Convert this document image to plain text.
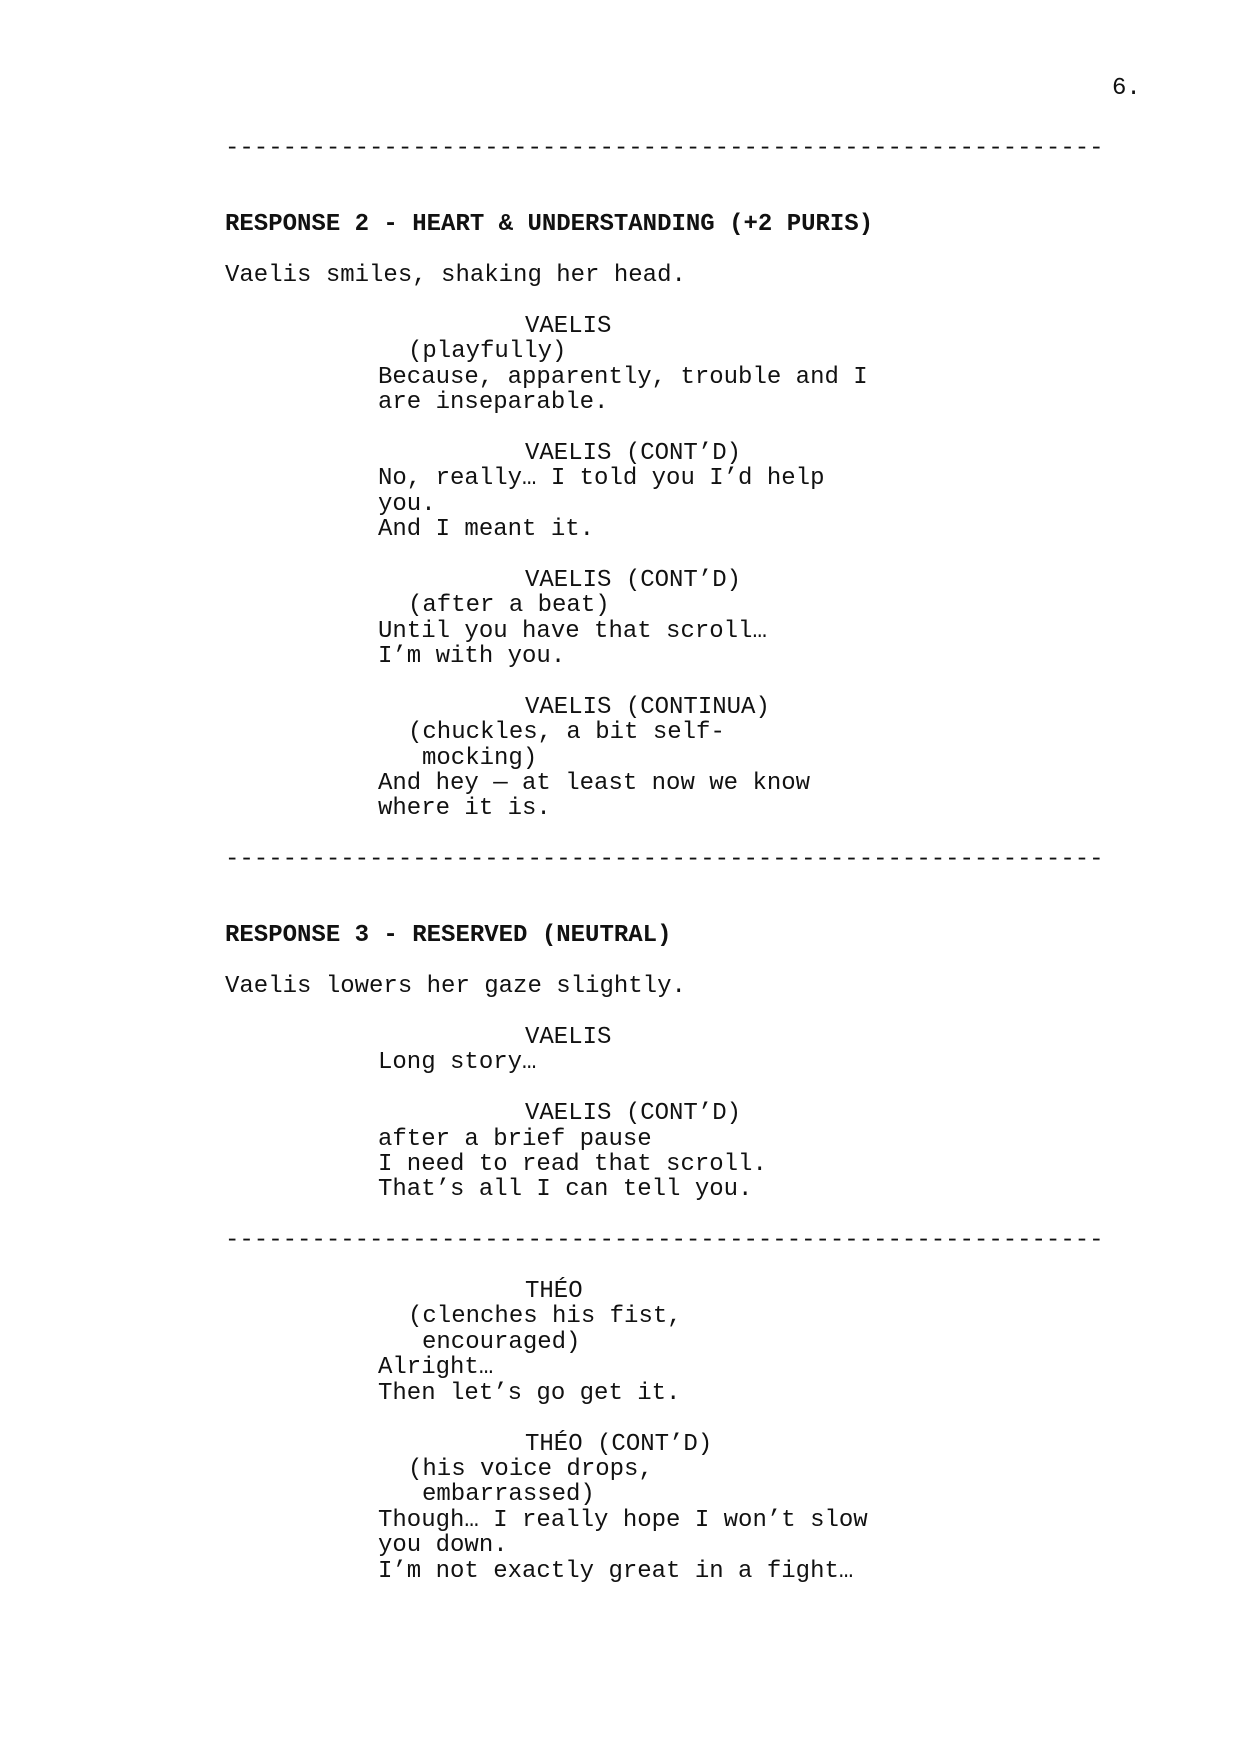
6.

-------------------------------------------------------------

RESPONSE 2 - HEART & UNDERSTANDING (+2 PURIS)

Vaelis smiles, shaking her head.

VAELIS

(playfully)

Because, apparently, trouble and I

are inseparable.

VAELIS (CONT’D)

No, really… I told you I’d help

you.

And I meant it.

VAELIS (CONT’D)

(after a beat)

Until you have that scroll…

I’m with you.

VAELIS (CONTINUA)

(chuckles, a bit self-

mocking)

And hey — at least now we know

where it is.

-------------------------------------------------------------

RESPONSE 3 - RESERVED (NEUTRAL)

Vaelis lowers her gaze slightly.

VAELIS

Long story…

VAELIS (CONT’D)

after a brief pause

I need to read that scroll.

That’s all I can tell you.

-------------------------------------------------------------

THÉO

(clenches his fist,

encouraged)

Alright…

Then let’s go get it.

THÉO (CONT’D)

(his voice drops,

embarrassed)

Though… I really hope I won’t slow

you down.

I’m not exactly great in a fight…
